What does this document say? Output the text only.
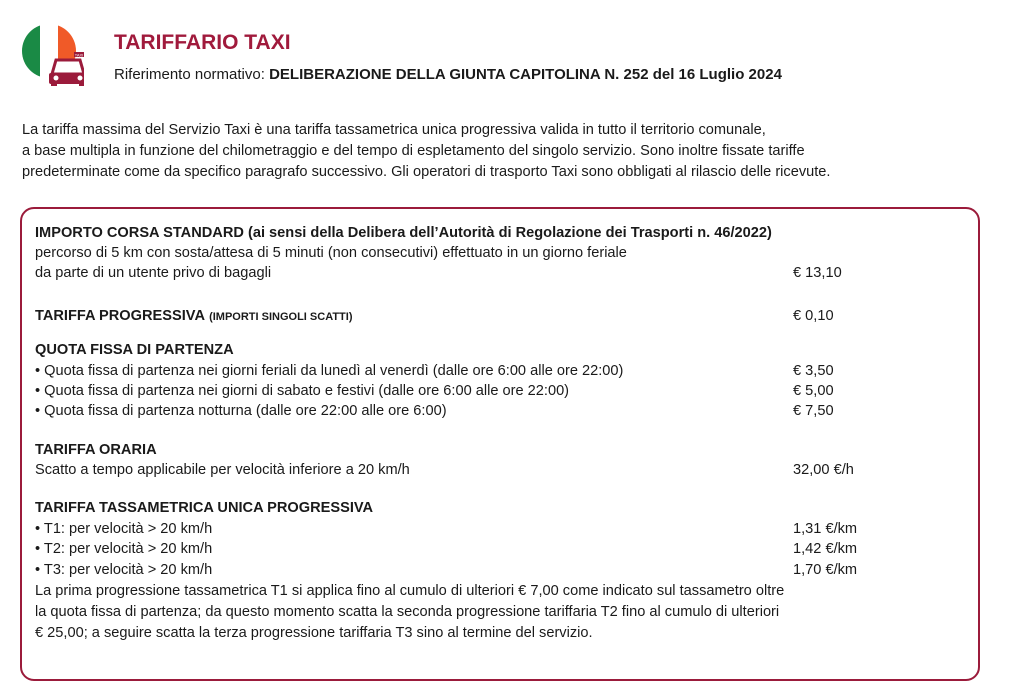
TAXI
TARIFFARIO TAXI
Riferimento normativo: DELIBERAZIONE DELLA GIUNTA CAPITOLINA N. 252 del 16 Luglio 2024
La tariffa massima del Servizio Taxi è una tariffa tassametrica unica progressiva valida in tutto il territorio comunale,
a base multipla in funzione del chilometraggio e del tempo di espletamento del singolo servizio. Sono inoltre fissate tariffe
predeterminate come da specifico paragrafo successivo. Gli operatori di trasporto Taxi sono obbligati al rilascio delle ricevute.
IMPORTO CORSA STANDARD (ai sensi della Delibera dell’Autorità di Regolazione dei Trasporti n. 46/2022)
percorso di 5 km con sosta/attesa di 5 minuti (non consecutivi) effettuato in un giorno feriale
da parte di un utente privo di bagagli	€ 13,10
TARIFFA PROGRESSIVA (IMPORTI SINGOLI SCATTI)	€ 0,10
QUOTA FISSA DI PARTENZA
• Quota fissa di partenza nei giorni feriali da lunedì al venerdì (dalle ore 6:00 alle ore 22:00)	€ 3,50
• Quota fissa di partenza nei giorni di sabato e festivi (dalle ore 6:00 alle ore 22:00)	€ 5,00
• Quota fissa di partenza notturna (dalle ore 22:00 alle ore 6:00)	€ 7,50
TARIFFA ORARIA
Scatto a tempo applicabile per velocità inferiore a 20 km/h	32,00 €/h
TARIFFA TASSAMETRICA UNICA PROGRESSIVA
• T1: per velocità > 20 km/h	1,31 €/km
• T2: per velocità > 20 km/h	1,42 €/km
• T3: per velocità > 20 km/h	1,70 €/km
La prima progressione tassametrica T1 si applica fino al cumulo di ulteriori € 7,00 come indicato sul tassametro oltre
la quota fissa di partenza; da questo momento scatta la seconda progressione tariffaria T2 fino al cumulo di ulteriori
€ 25,00; a seguire scatta la terza progressione tariffaria T3 sino al termine del servizio.
